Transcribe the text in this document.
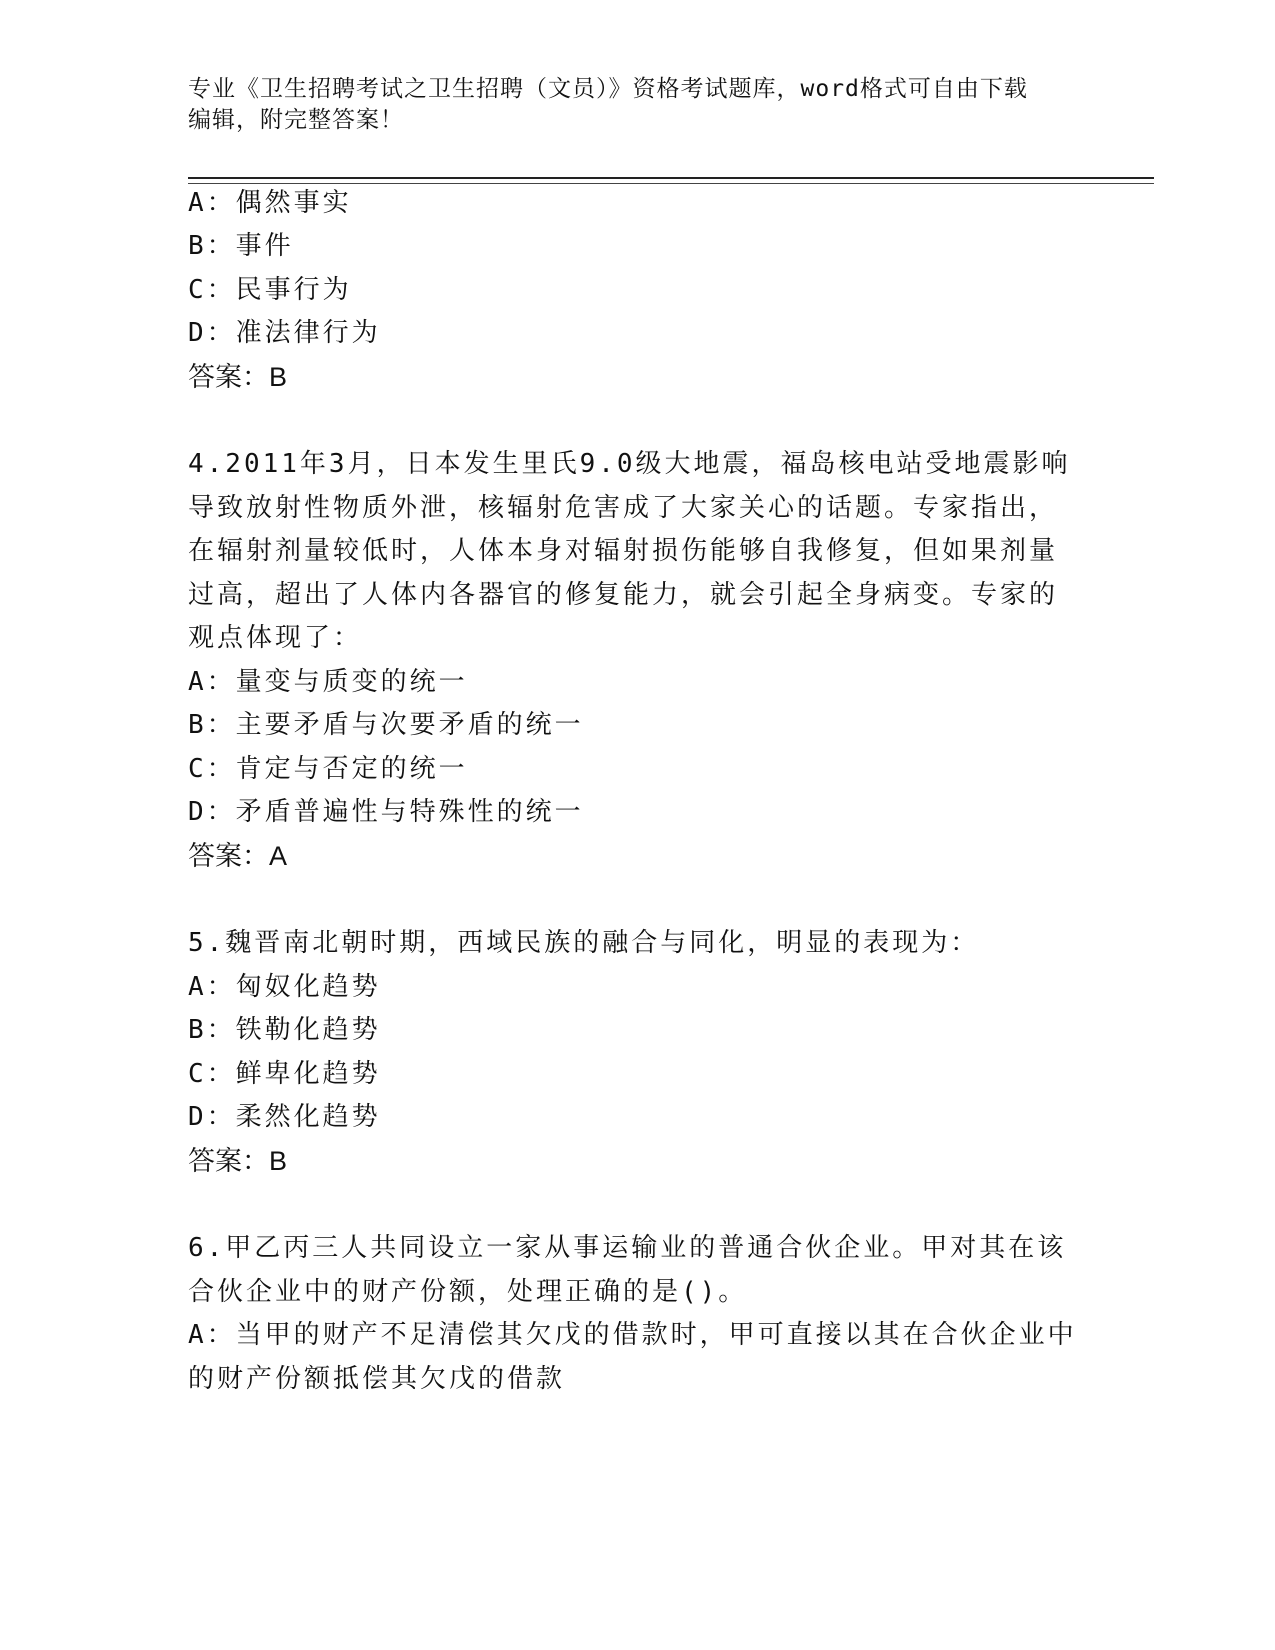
专业《卫生招聘考试之卫生招聘（文员）》资格考试题库，word格式可自由下载
编辑，附完整答案！
A：偶然事实
B：事件
C：民事行为
D：准法律行为
答案：B
4.2011年3月，日本发生里氏9.0级大地震，福岛核电站受地震影响
导致放射性物质外泄，核辐射危害成了大家关心的话题。专家指出，
在辐射剂量较低时，人体本身对辐射损伤能够自我修复，但如果剂量
过高，超出了人体内各器官的修复能力，就会引起全身病变。专家的
观点体现了：
A：量变与质变的统一
B：主要矛盾与次要矛盾的统一
C：肯定与否定的统一
D：矛盾普遍性与特殊性的统一
答案：A
5.魏晋南北朝时期，西域民族的融合与同化，明显的表现为：
A：匈奴化趋势
B：铁勒化趋势
C：鲜卑化趋势
D：柔然化趋势
答案：B
6.甲乙丙三人共同设立一家从事运输业的普通合伙企业。甲对其在该
合伙企业中的财产份额，处理正确的是()。
A：当甲的财产不足清偿其欠戊的借款时，甲可直接以其在合伙企业中
的财产份额抵偿其欠戊的借款
